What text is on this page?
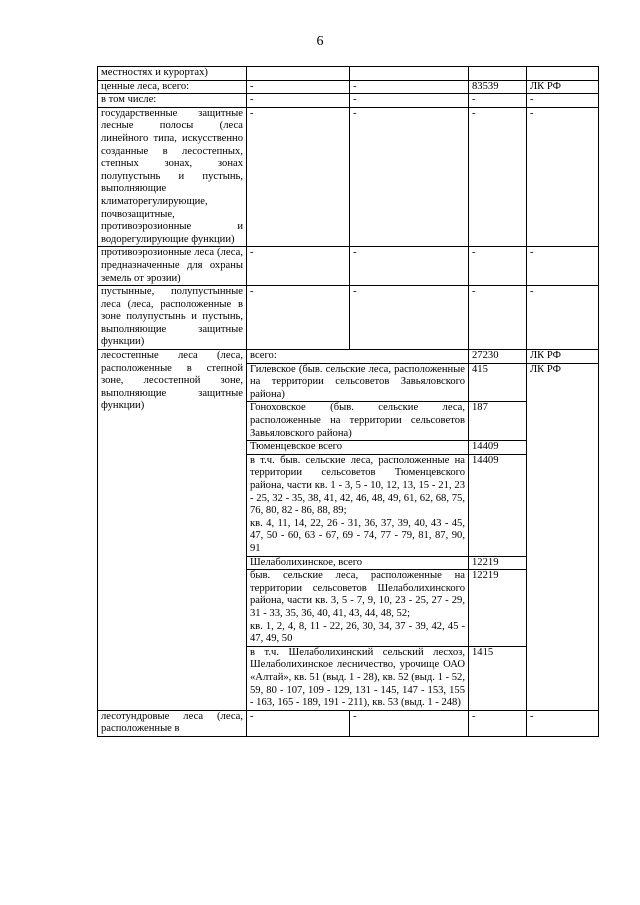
6
местностях и курортах)				
ценные леса, всего:	-	-	83539	ЛК РФ
в том числе:	-	-	-	-
государственные защитные лесные полосы (леса линейного типа, искусственно созданные в лесостепных, степных зонах, зонах полупустынь и пустынь, выполняющие климаторегулирующие, почвозащитные, противоэрозионные и водорегулирующие функции)	-	-	-	-
противоэрозионные леса (леса, предназначенные для охраны земель от эрозии)	-	-	-	-
пустынные, полупустынные леса (леса, расположенные в зоне полупустынь и пустынь, выполняющие защитные функции)	-	-	-	-
лесостепные леса (леса, расположенные в степной зоне, лесостепной зоне, выполняющие защитные функции)	всего:		27230	ЛК РФ
	Гилевское (быв. сельские леса, расположенные на территории сельсоветов Завьяловского района)		415	ЛК РФ
	Гоноховское (быв. сельские леса, расположенные на территории сельсоветов Завьяловского района)		187	
	Тюменцевское всего		14409	

	в т.ч. быв. сельские леса, расположенные на территории сельсоветов Тюменцевского района, части кв. 1 - 3, 5 - 10, 12, 13, 15 - 21, 23 - 25, 32 - 35, 38, 41, 42, 46, 48, 49, 61, 62, 68, 75, 76, 80, 82 - 86, 88, 89;
кв. 4, 11, 14, 22, 26 - 31, 36, 37, 39, 40, 43 - 45, 47, 50 - 60, 63 - 67, 69 - 74, 77 - 79, 81, 87, 90, 91		14409	
	Шелаболихинское, всего		12219	

	быв. сельские леса, расположенные на территории сельсоветов Шелаболихинского района, части кв. 3, 5 - 7, 9, 10, 23 - 25, 27 - 29, 31 - 33, 35, 36, 40, 41, 43, 44, 48, 52;
кв. 1, 2, 4, 8, 11 - 22, 26, 30, 34, 37 - 39, 42, 45 - 47, 49, 50		12219	
	в т.ч. Шелаболихинский сельский лесхоз, Шелаболихинское лесничество, урочище ОАО «Алтай», кв. 51 (выд. 1 - 28), кв. 52 (выд. 1 - 52, 59, 80 - 107, 109 - 129, 131 - 145, 147 - 153, 155 - 163, 165 - 189, 191 - 211), кв. 53 (выд. 1 - 248)		1415	
лесотундровые леса (леса, расположенные в	-	-	-	-
